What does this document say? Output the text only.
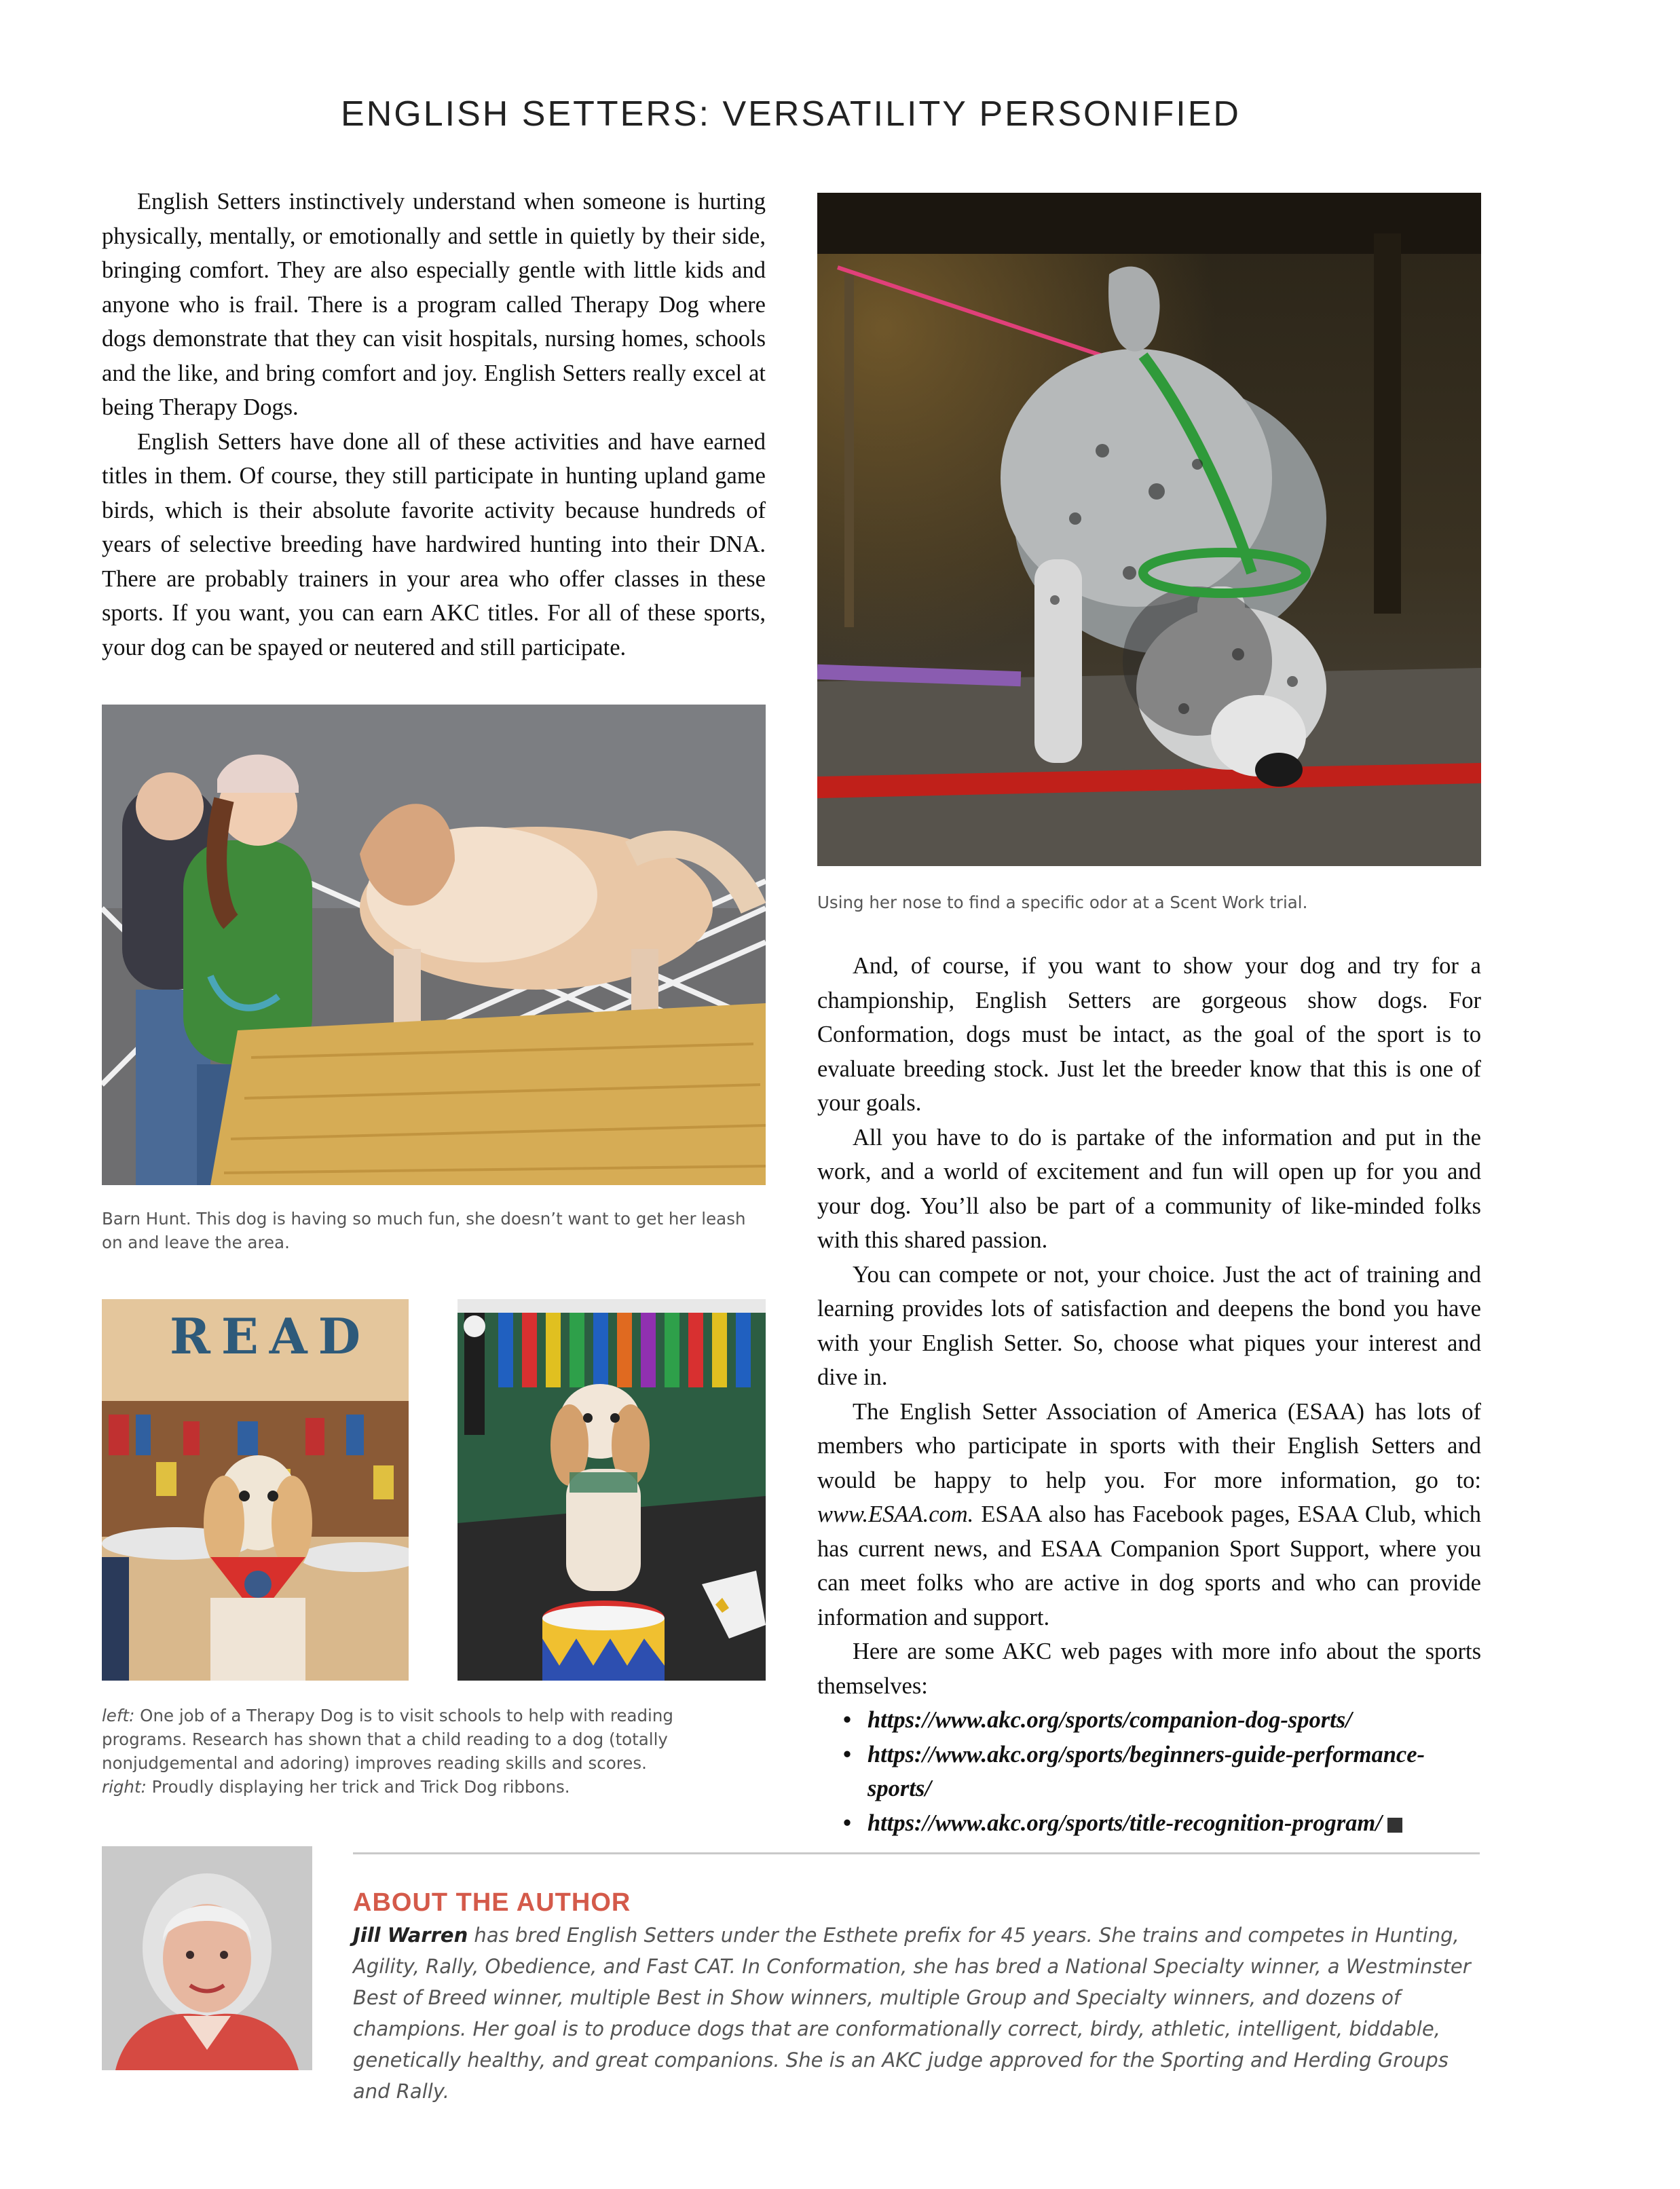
ENGLISH SETTERS: VERSATILITY PERSONIFIED

English Setters instinctively understand when someone is hurting physically, mentally, or emotionally and settle in quietly by their side, bringing comfort. They are also especially gentle with little kids and anyone who is frail. There is a program called Therapy Dog where dogs demonstrate that they can visit hospitals, nursing homes, schools and the like, and bring comfort and joy. English Setters really excel at being Therapy Dogs.

English Setters have done all of these activities and have earned titles in them. Of course, they still participate in hunting upland game birds, which is their absolute favorite activity because hundreds of years of selective breeding have hardwired hunting into their DNA. There are probably trainers in your area who offer classes in these sports. If you want, you can earn AKC titles. For all of these sports, your dog can be spayed or neutered and still participate.

Using her nose to find a specific odor at a Scent Work trial.
Barn Hunt. This dog is having so much fun, she doesn’t want to get her leash on and leave the area.
READ
left: One job of a Therapy Dog is to visit schools to help with reading programs. Research has shown that a child reading to a dog (totally nonjudgemental and adoring) improves reading skills and scores.
right: Proudly displaying her trick and Trick Dog ribbons.

And, of course, if you want to show your dog and try for a championship, English Setters are gorgeous show dogs. For Conformation, dogs must be intact, as the goal of the sport is to evaluate breeding stock. Just let the breeder know that this is one of your goals.

All you have to do is partake of the information and put in the work, and a world of excitement and fun will open up for you and your dog. You’ll also be part of a community of like-minded folks with this shared passion.

You can compete or not, your choice. Just the act of training and learning provides lots of satisfaction and deepens the bond you have with your English Setter. So, choose what piques your interest and dive in.

The English Setter Association of America (ESAA) has lots of members who participate in sports with their English Setters and would be happy to help you. For more information, go to: www.ESAA.com. ESAA also has Facebook pages, ESAA Club, which has current news, and ESAA Companion Sport Support, where you can meet folks who are active in dog sports and who can provide information and support.

Here are some AKC web pages with more info about the sports themselves:

• https://www.akc.org/sports/companion-dog-sports/
• https://www.akc.org/sports/beginners-guide-performance-sports/
• https://www.akc.org/sports/title-recognition-program/
ABOUT THE AUTHOR
Jill Warren has bred English Setters under the Esthete prefix for 45 years. She trains and competes in Hunting, Agility, Rally, Obedience, and Fast CAT. In Conformation, she has bred a National Specialty winner, a Westminster Best of Breed winner, multiple Best in Show winners, multiple Group and Specialty winners, and dozens of champions. Her goal is to produce dogs that are conformationally correct, birdy, athletic, intelligent, biddable, genetically healthy, and great companions. She is an AKC judge approved for the Sporting and Herding Groups and Rally.
